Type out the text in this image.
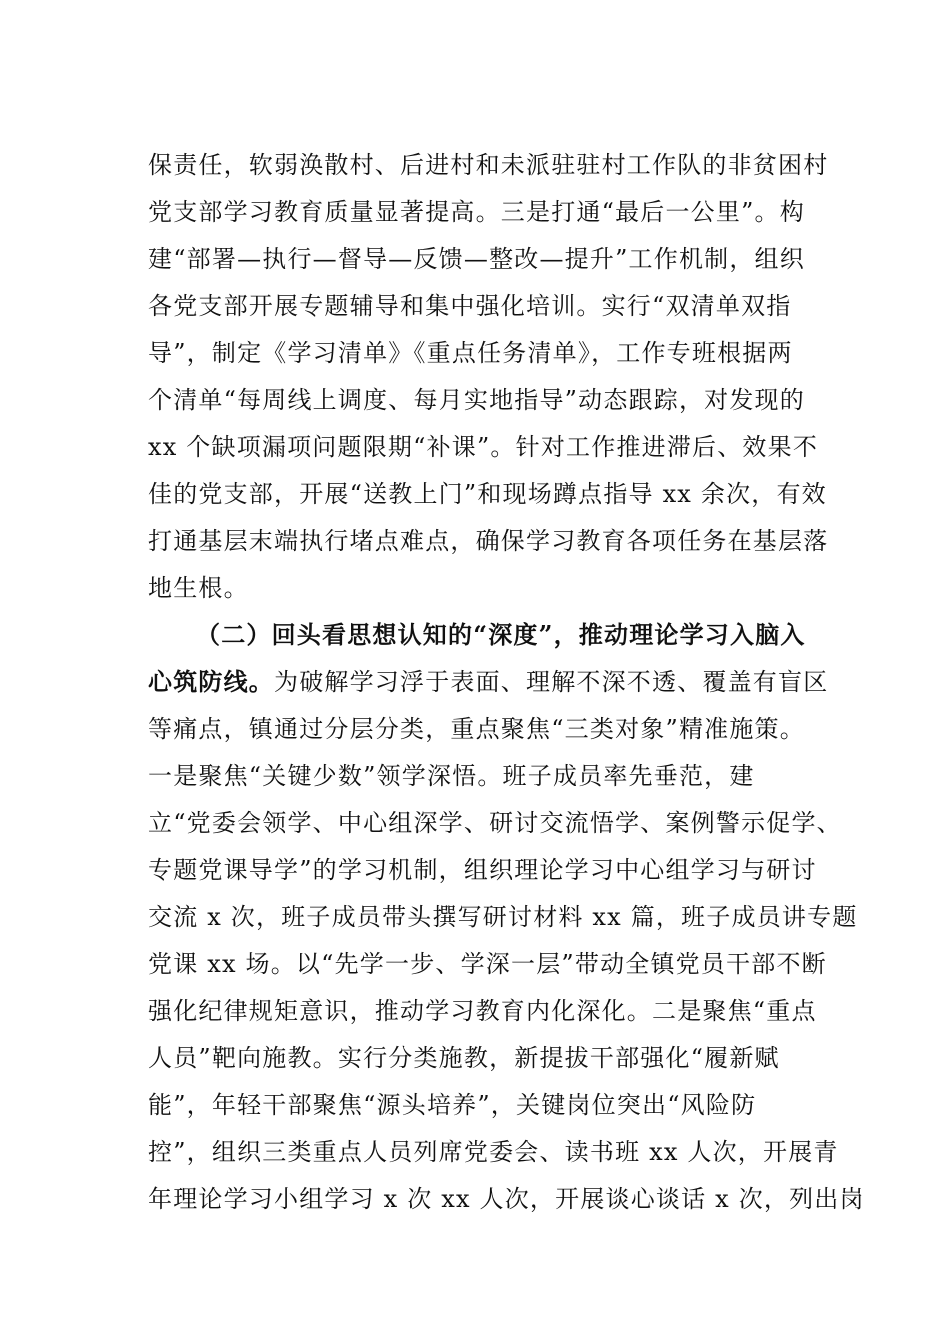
保责任，软弱涣散村、后进村和未派驻驻村工作队的非贫困村
党支部学习教育质量显著提高。三是打通“最后一公里”。构
建“部署—执行—督导—反馈—整改—提升”工作机制，组织
各党支部开展专题辅导和集中强化培训。实行“双清单双指
导”，制定《学习清单》《重点任务清单》，工作专班根据两
个清单“每周线上调度、每月实地指导”动态跟踪，对发现的
xx 个缺项漏项问题限期“补课”。针对工作推进滞后、效果不
佳的党支部，开展“送教上门”和现场蹲点指导 xx 余次，有效
打通基层末端执行堵点难点，确保学习教育各项任务在基层落
地生根。
（二）回头看思想认知的“深度”，推动理论学习入脑入
心筑防线。为破解学习浮于表面、理解不深不透、覆盖有盲区
等痛点，镇通过分层分类，重点聚焦“三类对象”精准施策。
一是聚焦“关键少数”领学深悟。班子成员率先垂范，建
立“党委会领学、中心组深学、研讨交流悟学、案例警示促学、
专题党课导学”的学习机制，组织理论学习中心组学习与研讨
交流 x 次，班子成员带头撰写研讨材料 xx 篇，班子成员讲专题
党课 xx 场。以“先学一步、学深一层”带动全镇党员干部不断
强化纪律规矩意识，推动学习教育内化深化。二是聚焦“重点
人员”靶向施教。实行分类施教，新提拔干部强化“履新赋
能”，年轻干部聚焦“源头培养”，关键岗位突出“风险防
控”，组织三类重点人员列席党委会、读书班 xx 人次，开展青
年理论学习小组学习 x 次 xx 人次，开展谈心谈话 x 次，列出岗
